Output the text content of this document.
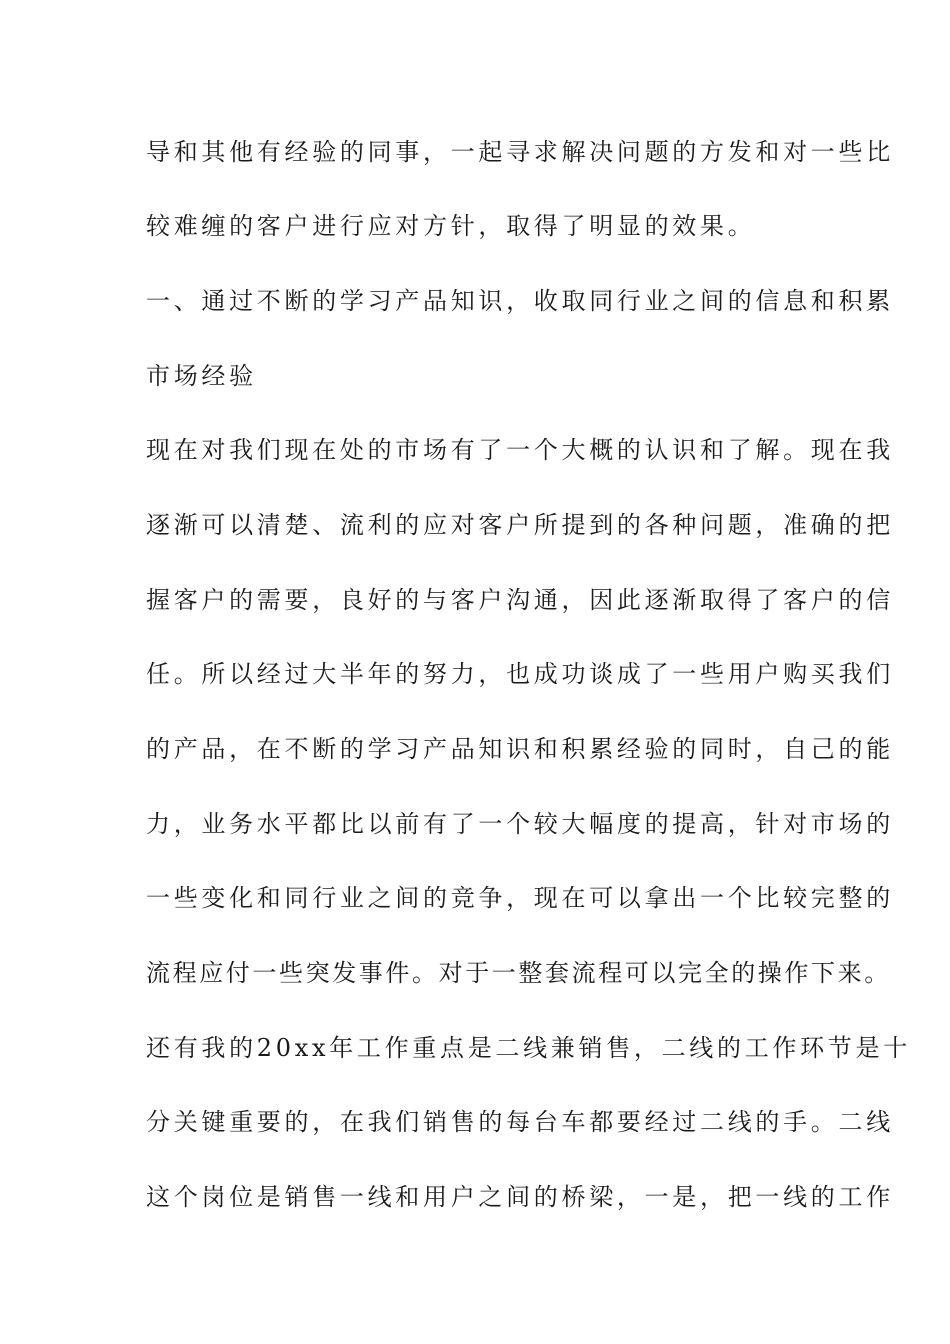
导和其他有经验的同事，一起寻求解决问题的方发和对一些比
较难缠的客户进行应对方针，取得了明显的效果。
一、通过不断的学习产品知识，收取同行业之间的信息和积累
市场经验
现在对我们现在处的市场有了一个大概的认识和了解。现在我
逐渐可以清楚、流利的应对客户所提到的各种问题，准确的把
握客户的需要，良好的与客户沟通，因此逐渐取得了客户的信
任。所以经过大半年的努力，也成功谈成了一些用户购买我们
的产品，在不断的学习产品知识和积累经验的同时，自己的能
力，业务水平都比以前有了一个较大幅度的提高，针对市场的
一些变化和同行业之间的竞争，现在可以拿出一个比较完整的
流程应付一些突发事件。对于一整套流程可以完全的操作下来。
还有我的20xx年工作重点是二线兼销售，二线的工作环节是十
分关键重要的，在我们销售的每台车都要经过二线的手。二线
这个岗位是销售一线和用户之间的桥梁，一是，把一线的工作
